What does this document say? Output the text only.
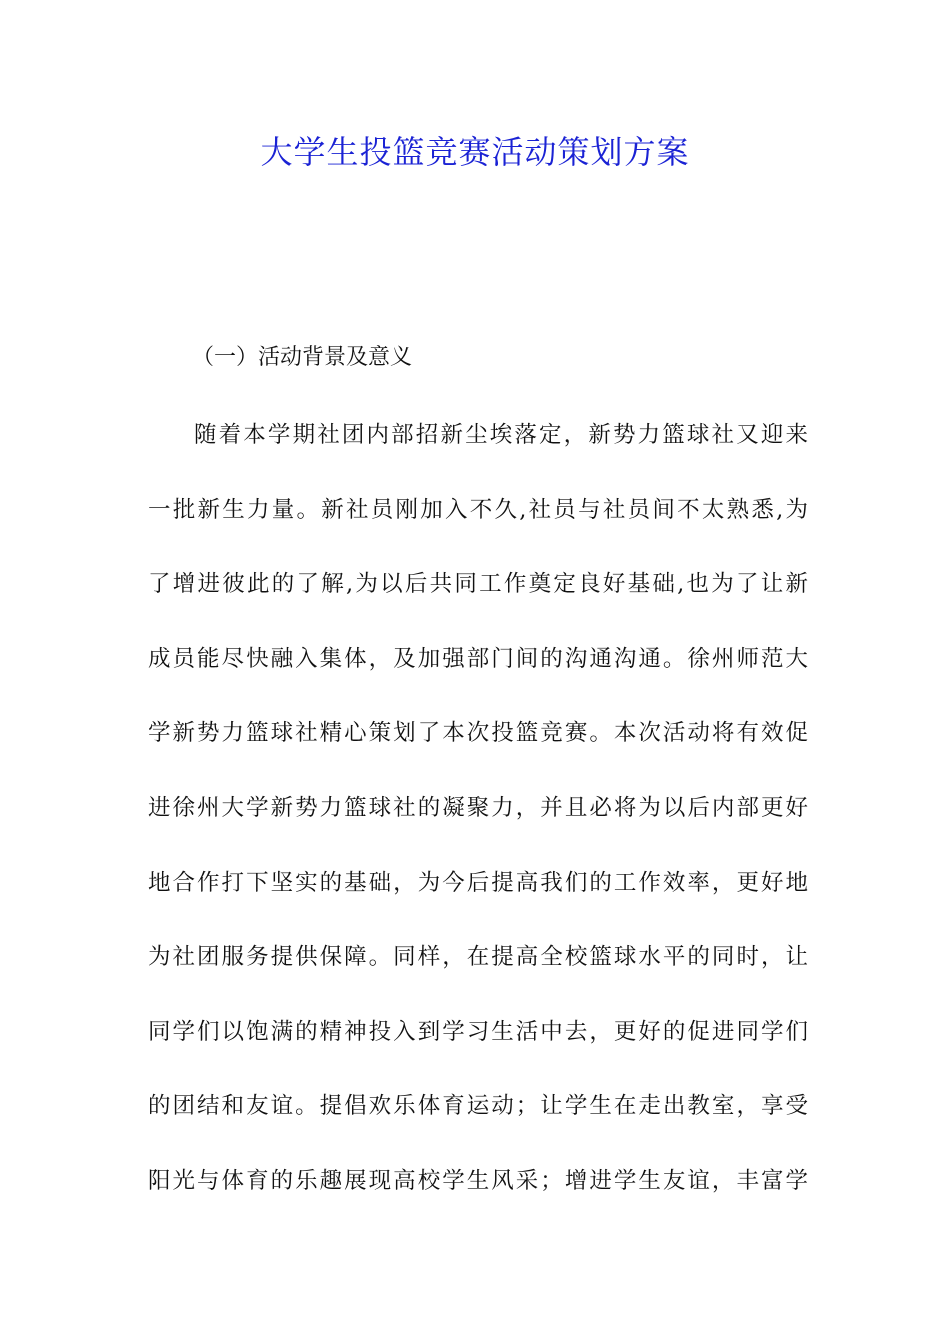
大学生投篮竞赛活动策划方案
（一）活动背景及意义
随着本学期社团内部招新尘埃落定，新势力篮球社又迎来
一批新生力量。新社员刚加入不久,社员与社员间不太熟悉,为
了增进彼此的了解,为以后共同工作奠定良好基础,也为了让新
成员能尽快融入集体，及加强部门间的沟通沟通。徐州师范大
学新势力篮球社精心策划了本次投篮竞赛。本次活动将有效促
进徐州大学新势力篮球社的凝聚力，并且必将为以后内部更好
地合作打下坚实的基础，为今后提高我们的工作效率，更好地
为社团服务提供保障。同样，在提高全校篮球水平的同时，让
同学们以饱满的精神投入到学习生活中去，更好的促进同学们
的团结和友谊。提倡欢乐体育运动；让学生在走出教室，享受
阳光与体育的乐趣展现高校学生风采；增进学生友谊，丰富学
